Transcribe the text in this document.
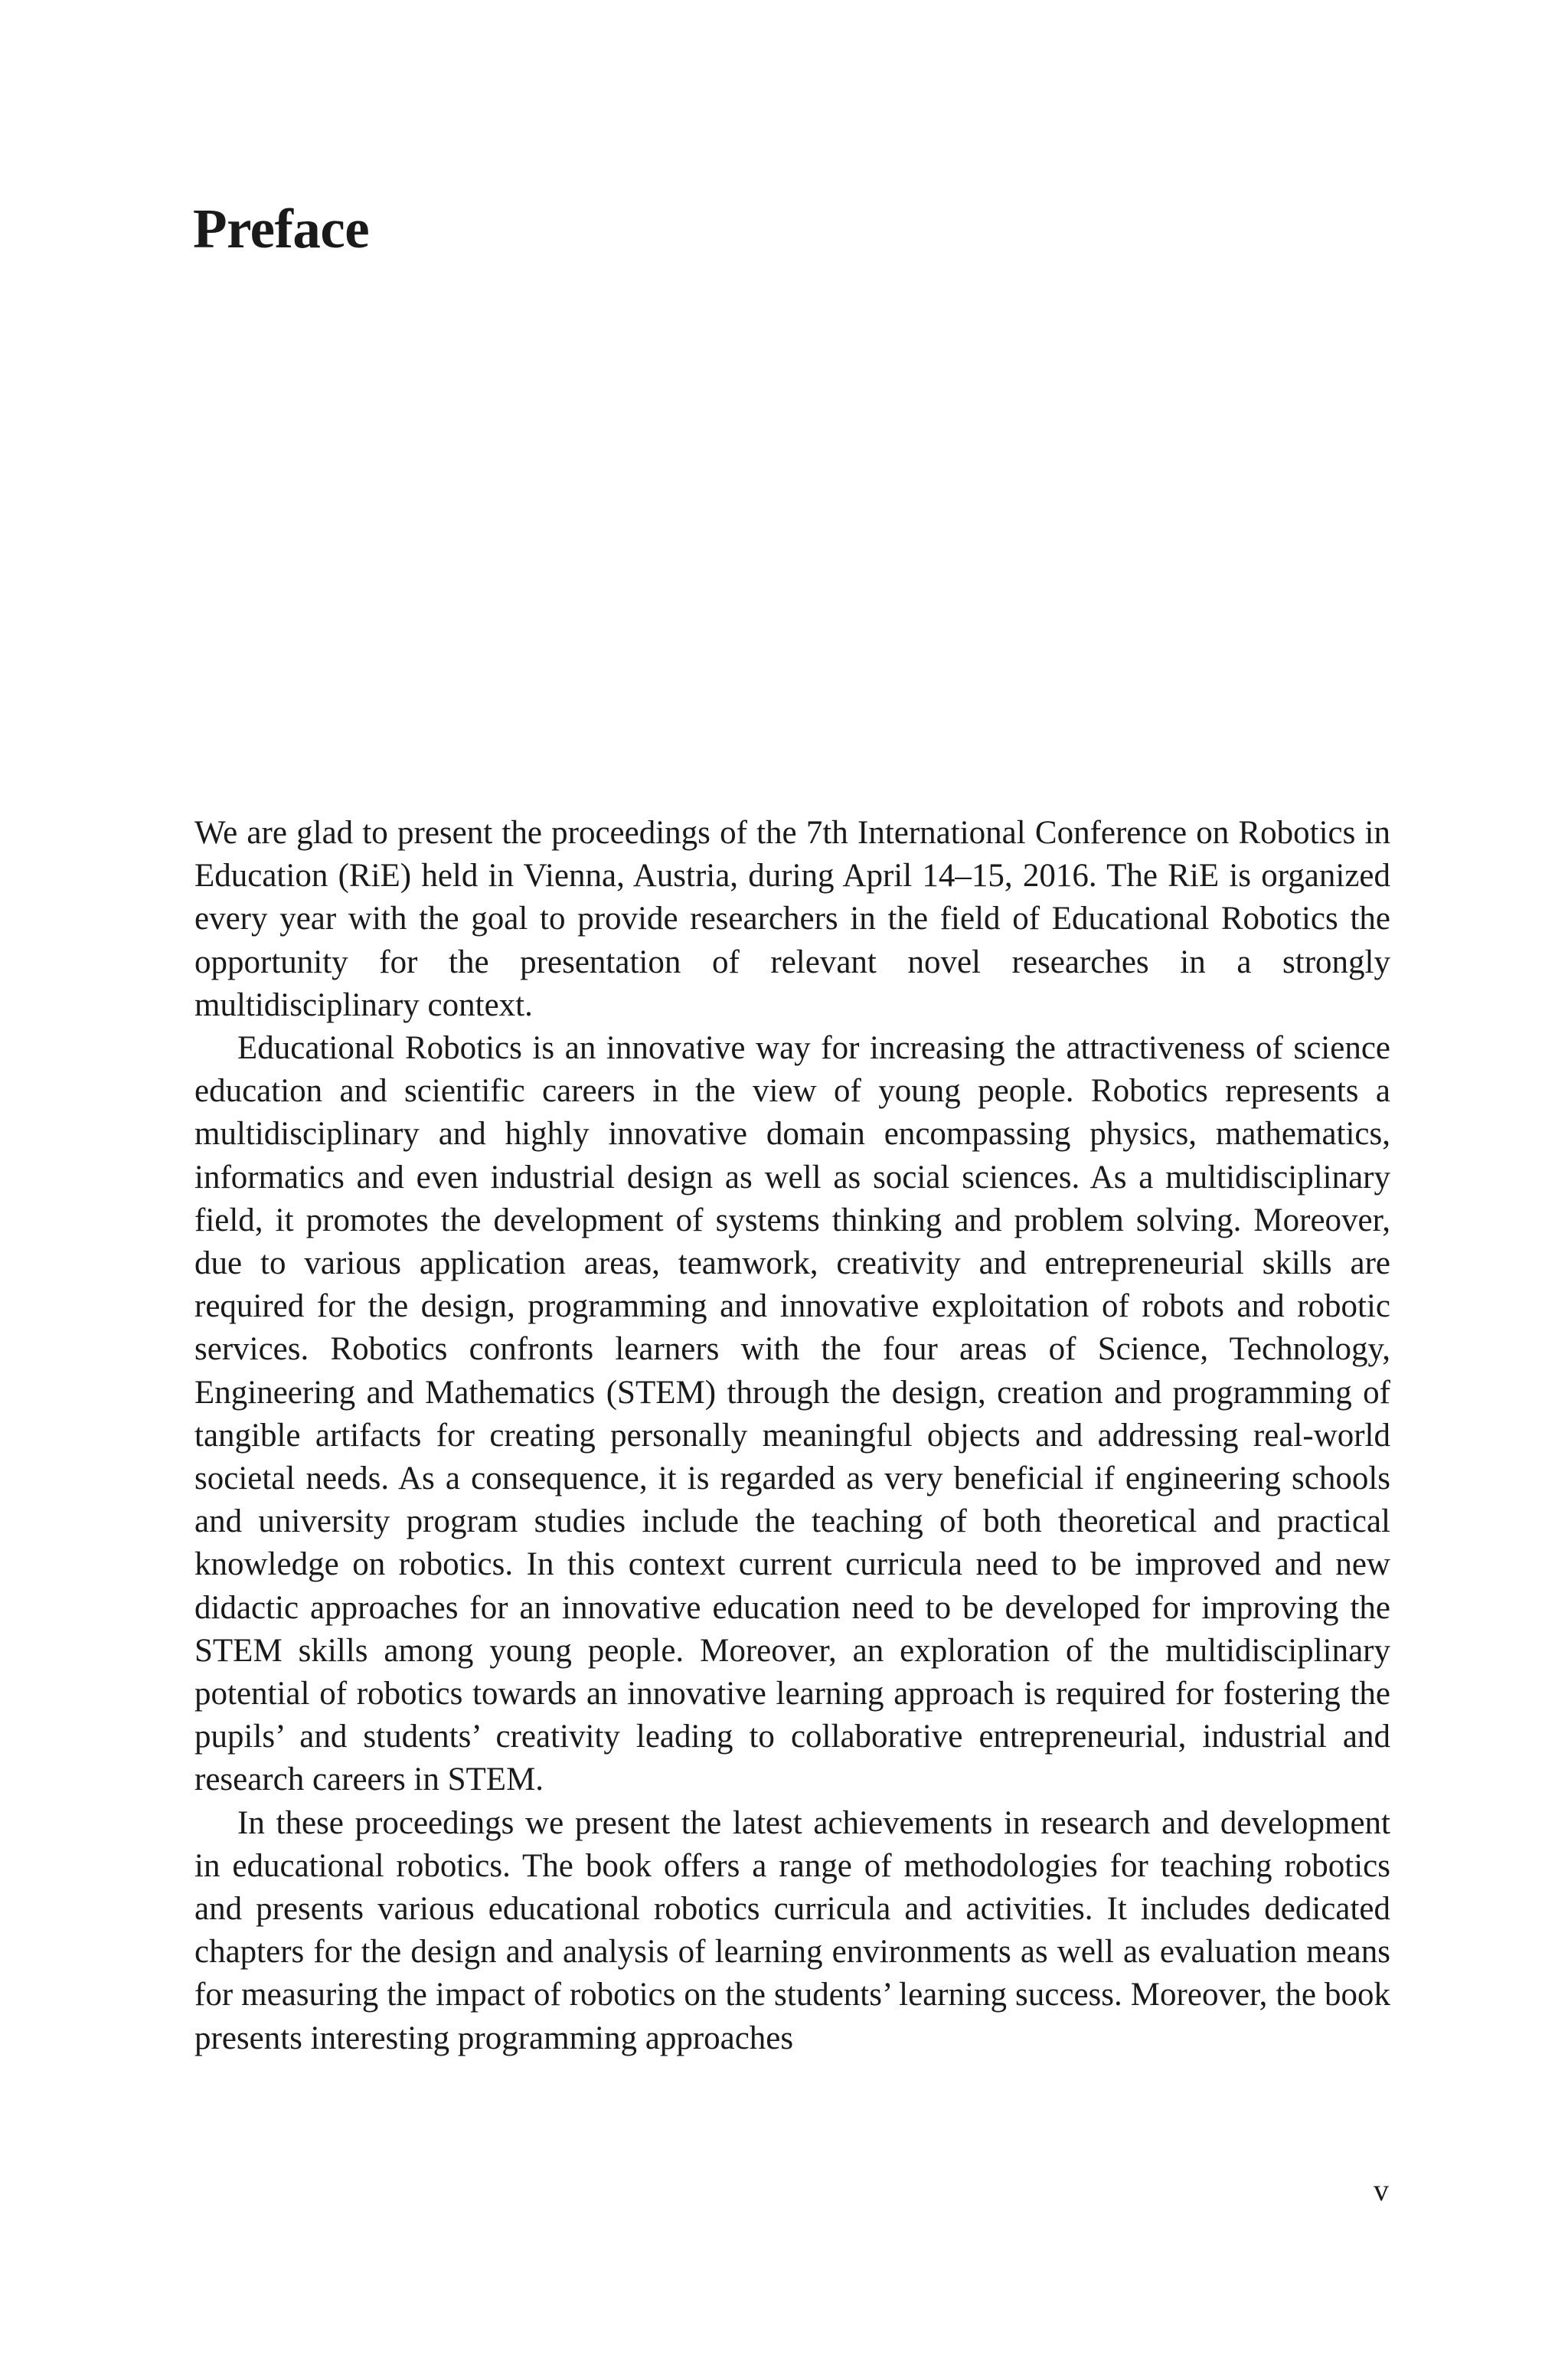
Preface

We are glad to present the proceedings of the 7th International Conference on Robotics in Education (RiE) held in Vienna, Austria, during April 14–15, 2016. The RiE is organized every year with the goal to provide researchers in the field of Educational Robotics the opportunity for the presentation of relevant novel researches in a strongly multidisciplinary context.

Educational Robotics is an innovative way for increasing the attractiveness of science education and scientific careers in the view of young people. Robotics represents a multidisciplinary and highly innovative domain encompassing physics, mathematics, informatics and even industrial design as well as social sciences. As a multidisciplinary field, it promotes the development of systems thinking and problem solving. Moreover, due to various application areas, teamwork, creativity and entrepreneurial skills are required for the design, programming and innovative exploitation of robots and robotic services. Robotics confronts learners with the four areas of Science, Technology, Engineering and Mathematics (STEM) through the design, creation and programming of tangible artifacts for creating personally meaningful objects and addressing real-world societal needs. As a consequence, it is regarded as very beneficial if engineering schools and university program studies include the teaching of both theoretical and practical knowledge on robotics. In this context current curricula need to be improved and new didactic approaches for an innovative education need to be developed for improving the STEM skills among young people. Moreover, an exploration of the multidisciplinary potential of robotics towards an innovative learning approach is required for fostering the pupils’ and students’ creativity leading to collaborative entrepreneurial, industrial and research careers in STEM.

In these proceedings we present the latest achievements in research and development in educational robotics. The book offers a range of methodologies for teaching robotics and presents various educational robotics curricula and activities. It includes dedicated chapters for the design and analysis of learning environments as well as evaluation means for measuring the impact of robotics on the students’ learning success. Moreover, the book presents interesting programming approaches

v
